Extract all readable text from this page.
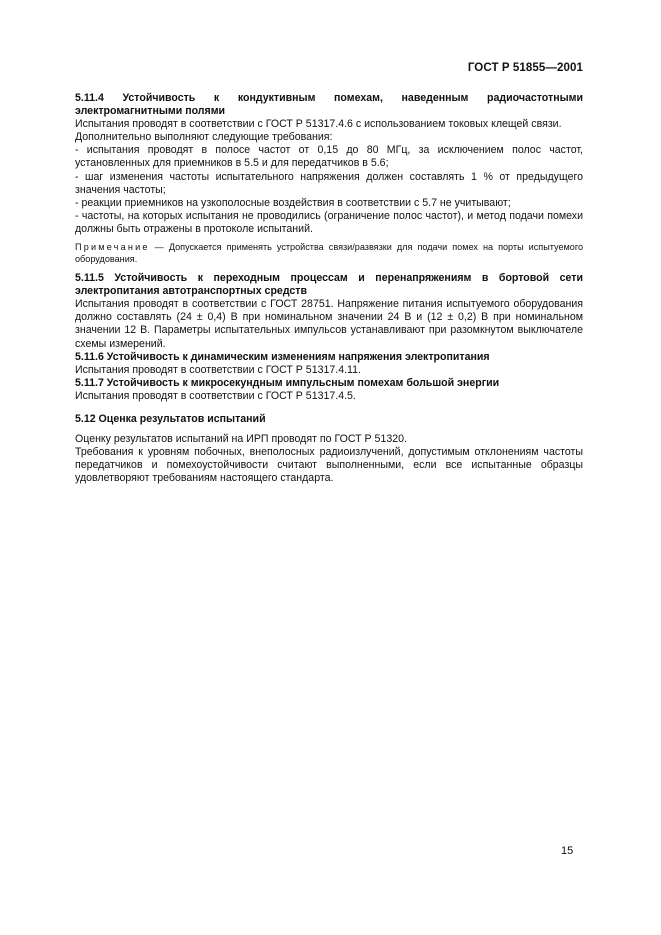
ГОСТ Р 51855—2001

5.11.4 Устойчивость к кондуктивным помехам, наведенным радиочастотными электромагнитными полями

Испытания проводят в соответствии с ГОСТ Р 51317.4.6 с использованием токовых клещей связи.

Дополнительно выполняют следующие требования:

- испытания проводят в полосе частот от 0,15 до 80 МГц, за исключением полос частот, установленных для приемников в 5.5 и для передатчиков в 5.6;

- шаг изменения частоты испытательного напряжения должен составлять 1 % от предыдущего значения частоты;

- реакции приемников на узкополосные воздействия в соответствии с 5.7 не учитывают;

- частоты, на которых испытания не проводились (ограничение полос частот), и метод подачи помехи должны быть отражены в протоколе испытаний.

Примечание — Допускается применять устройства связи/развязки для подачи помех на порты испытуемого оборудования.

5.11.5 Устойчивость к переходным процессам и перенапряжениям в бортовой сети электропитания автотранспортных средств

Испытания проводят в соответствии с ГОСТ 28751. Напряжение питания испытуемого оборудования должно составлять (24 ± 0,4) В при номинальном значении 24 В и (12 ± 0,2) В при номинальном значении 12 В. Параметры испытательных импульсов устанавливают при разомкнутом выключателе схемы измерений.

5.11.6 Устойчивость к динамическим изменениям напряжения электропитания

Испытания проводят в соответствии с ГОСТ Р 51317.4.11.

5.11.7 Устойчивость к микросекундным импульсным помехам большой энергии

Испытания проводят в соответствии с ГОСТ Р 51317.4.5.

5.12 Оценка результатов испытаний

Оценку результатов испытаний на ИРП проводят по ГОСТ Р 51320.

Требования к уровням побочных, внеполосных радиоизлучений, допустимым отклонениям частоты передатчиков и помехоустойчивости считают выполненными, если все испытанные образцы удовлетворяют требованиям настоящего стандарта.

15
